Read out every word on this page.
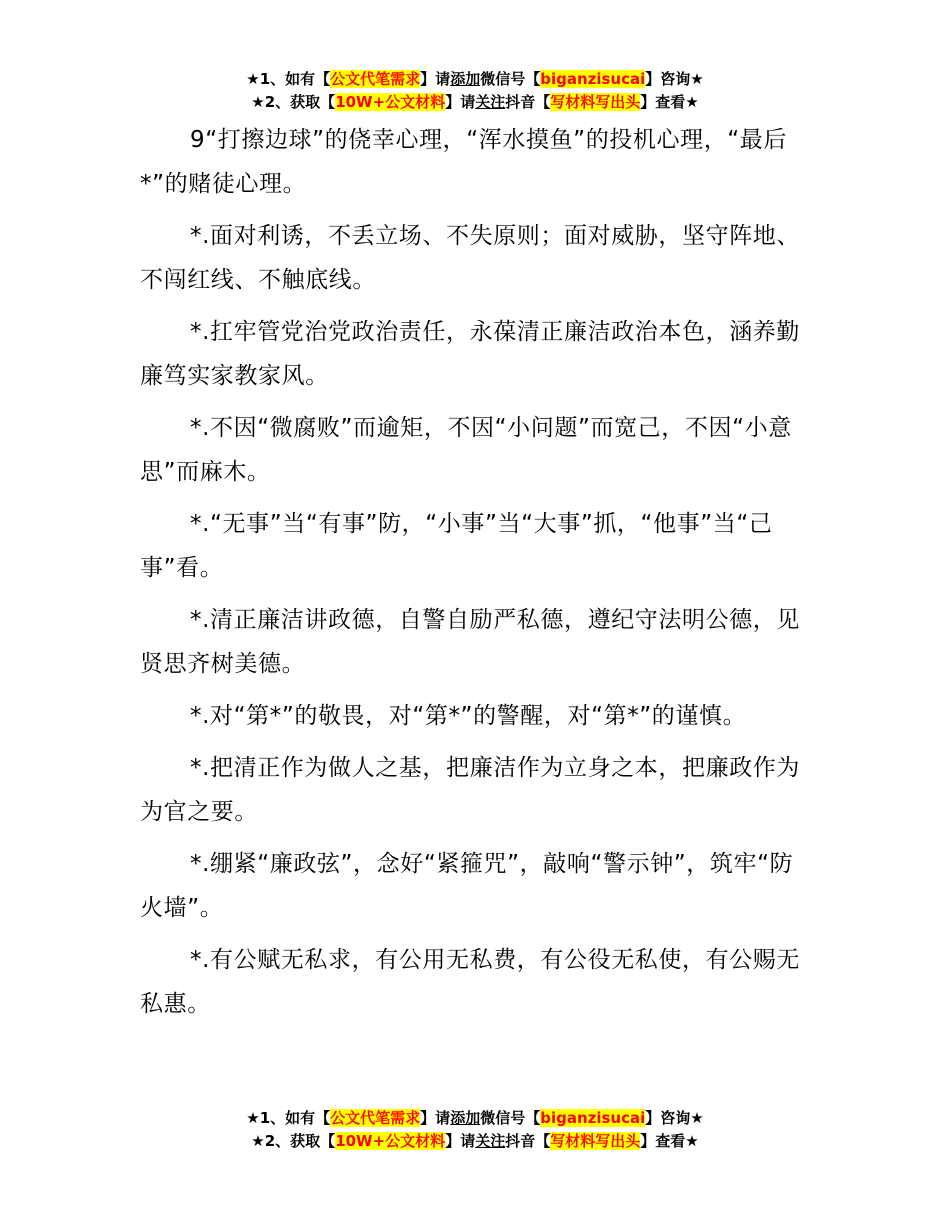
★1、如有【公文代笔需求】请添加微信号【biganzisucai】咨询★
★2、获取【10W+公文材料】请关注抖音【写材料写出头】查看★

9“打擦边球”的侥幸心理，“浑水摸鱼”的投机心理，“最后*”的赌徒心理。

*.面对利诱，不丢立场、不失原则；面对威胁，坚守阵地、不闯红线、不触底线。

*.扛牢管党治党政治责任，永葆清正廉洁政治本色，涵养勤廉笃实家教家风。

*.不因“微腐败”而逾矩，不因“小问题”而宽己，不因“小意思”而麻木。

*.“无事”当“有事”防，“小事”当“大事”抓，“他事”当“己事”看。

*.清正廉洁讲政德，自警自励严私德，遵纪守法明公德，见贤思齐树美德。

*.对“第*”的敬畏，对“第*”的警醒，对“第*”的谨慎。

*.把清正作为做人之基，把廉洁作为立身之本，把廉政作为为官之要。

*.绷紧“廉政弦”，念好“紧箍咒”，敲响“警示钟”，筑牢“防火墙”。

*.有公赋无私求，有公用无私费，有公役无私使，有公赐无私惠。

★1、如有【公文代笔需求】请添加微信号【biganzisucai】咨询★
★2、获取【10W+公文材料】请关注抖音【写材料写出头】查看★
